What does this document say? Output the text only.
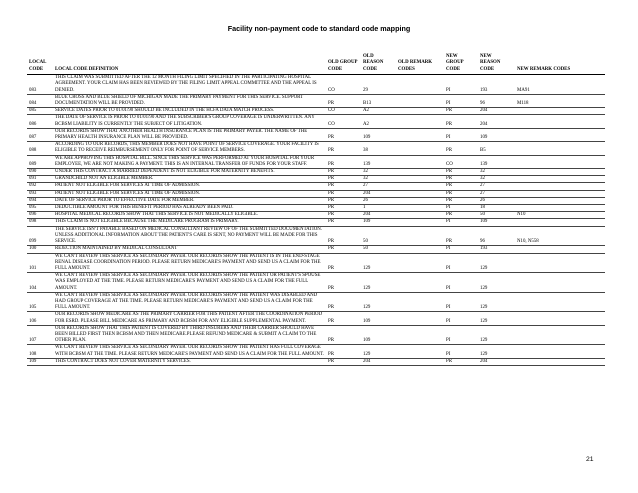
Facility non-payment code to standard code mapping
LOCAL CODE	LOCAL CODE DEFINITION	OLD GROUP CODE	OLD REASON CODE	OLD REMARK CODES	NEW GROUP CODE	NEW REASON CODE	NEW REMARK CODES
083	THIS CLAIM WAS SUBMITTED AFTER THE 12 MONTH FILING LIMIT SPECIFIED IN THE PARTICIPATING HOSPITAL AGREEMENT. YOUR CLAIM HAS BEEN REVIEWED BY THE FILING LIMIT APPEAL COMMITTEE AND THE APPEAL IS DENIED.	CO	29		PI	193	MA91
084	BLUE CROSS AND BLUE SHIELD OF MICHIGAN MADE THE PRIMARY PAYMENT FOR THIS SERVICE. SUPPORT DOCUMENTATION WILL BE PROVIDED.	PR	B13		PI	96	M118
085	SERVICE DATES PRIOR TO 01/01/90 SHOULD BE INCLUDED IN THE HCFA DATA MATCH PROCESS.	CO	A2		PR	204	
086	THE DATE OF SERVICE IS PRIOR TO 01/01/90 AND THE SUBSCRIBER'S GROUP COVERAGE IS UNDERWRITTEN. ANY BCBSM LIABILITY IS CURRENTLY THE SUBJECT OF LITIGATION.	CO	A2		PR	204	
087	OUR RECORDS SHOW THAT ANOTHER HEALTH INSURANCE PLAN IS THE PRIMARY PAYER. THE NAME OF THE PRIMARY HEALTH INSURANCE PLAN WILL BE PROVIDED.	PR	109		PI	109	
088	ACCORDING TO OUR RECORDS, THIS MEMBER DOES NOT HAVE POINT OF SERVICE COVERAGE. YOUR FACILITY IS ELIGIBLE TO RECEIVE REIMBURSEMENT ONLY FOR POINT OF SERVICE MEMBERS.	PR	38		PR	B5	
089	WE ARE APPROVING THIS HOSPITAL BILL. SINCE THIS SERVICE WAS PERFORMED AT YOUR HOSPITAL FOR YOUR EMPLOYEE, WE ARE NOT MAKING A PAYMENT. THIS IS AN INTERNAL TRANSFER OF FUNDS FOR YOUR STAFF.	PR	139		CO	139	
090	UNDER THIS CONTRACT A MARRIED DEPENDENT IS NOT ELIGIBLE FOR MATERNITY BENEFITS.	PR	32		PR	32	
091	GRANDCHILD NOT AN ELIGIBLE MEMBER.	PR	32		PR	32	
092	PATIENT NOT ELIGIBLE FOR SERVICES AT TIME OF ADMISSION.	PR	27		PR	27	
093	PATIENT NOT ELIGIBLE FOR SERVICES AT TIME OF ADMISSION.	PR	204		PR	27	
094	DATE OF SERVICE PRIOR TO EFFECTIVE DATE FOR MEMBER.	PR	26		PR	26	
095	DEDUCTIBLE AMOUNT FOR THIS BENEFIT PERIOD HAS ALREADY BEEN PAID.	PR	1		PI	18	
096	HOSPITAL MEDICAL RECORDS SHOW THAT THIS SERVICE IS NOT MEDICALLY ELIGIBLE.	PR	204		PR	50	N10
098	THIS CLAIM IS NOT ELIGIBLE BECAUSE THE MEDICARE PROGRAM IS PRIMARY.	PR	109		PI	109	
099	THE SERVICE ISN'T PAYABLE BASED ON MEDICAL CONSULTANT REVIEW OF OF THE SUBMITTED DOCUMENTATION. UNLESS ADDITIONAL INFORMATION ABOUT THE PATIENT'S CARE IS SENT, NO PAYMENT WILL BE MADE FOR THIS SERVICE.	PR	50		PR	96	N10, N558
100	REJECTION MAINTAINED BY MEDICAL CONSULTANT	PR	50		PI	193	
101	WE CAN'T REVIEW THIS SERVICE AS SECONDARY PAYER. OUR RECORDS SHOW THE PATIENT IS IN THE END-STAGE RENAL DISEASE COORDINATION PERIOD. PLEASE RETURN MEDICARE'S PAYMENT AND SEND US A CLAIM FOR THE FULL AMOUNT.	PR	129		PI	129	
104	WE CAN'T REVIEW THIS SERVICE AS SECONDARY PAYER. OUR RECORDS SHOW THE PATIENT OR PATIENT'S SPOUSE WAS EMPLOYED AT THE TIME. PLEASE RETURN MEDICARE'S PAYMENT AND SEND US A CLAIM FOR THE FULL AMOUNT.	PR	129		PI	129	
105	WE CAN'T REVIEW THIS SERVICE AS SECONDARY PAYER. OUR RECORDS SHOW THE PATIENT WAS DISABLED AND HAD GROUP COVERAGE AT THE TIME. PLEASE RETURN MEDICARE'S PAYMENT AND SEND US A CLAIM FOR THE FULL AMOUNT.	PR	129		PI	129	
106	OUR RECORDS SHOW MEDICARE AS THE PRIMARY CARRIER FOR THIS PATIENT AFTER THE COORDINATION PERIOD FOR ESRD. PLEASE BILL MEDICARE AS PRIMARY AND BCBSM FOR ANY ELIGIBLE SUPPLEMENTAL PAYMENT.	PR	109		PI	129	
107	OUR RECORDS SHOW THAT THIS PATIENT IS COVERED BY THIRD INSURERS AND THEIR CARRIER SHOULD HAVE BEEN BILLED FIRST THEN BCBSM AND THEN MEDICARE.PLEASE REFUND MEDICARE & SUBMIT A CLAIM TO THE OTHER PLAN.	PR	109		PI	129	
108	WE CAN'T REVIEW THIS SERVICE AS SECONDARY PAYER. OUR RECORDS SHOW THE PATIENT HAS FULL COVERAGE WITH BCBSM AT THE TIME. PLEASE RETURN MEDICARE'S PAYMENT AND SEND US A CLAIM FOR THE FULL AMOUNT.	PR	129		PI	129	
109	THIS CONTRACT DOES NOT COVER MATERNITY SERVICES.	PR	204		PR	204	
21
